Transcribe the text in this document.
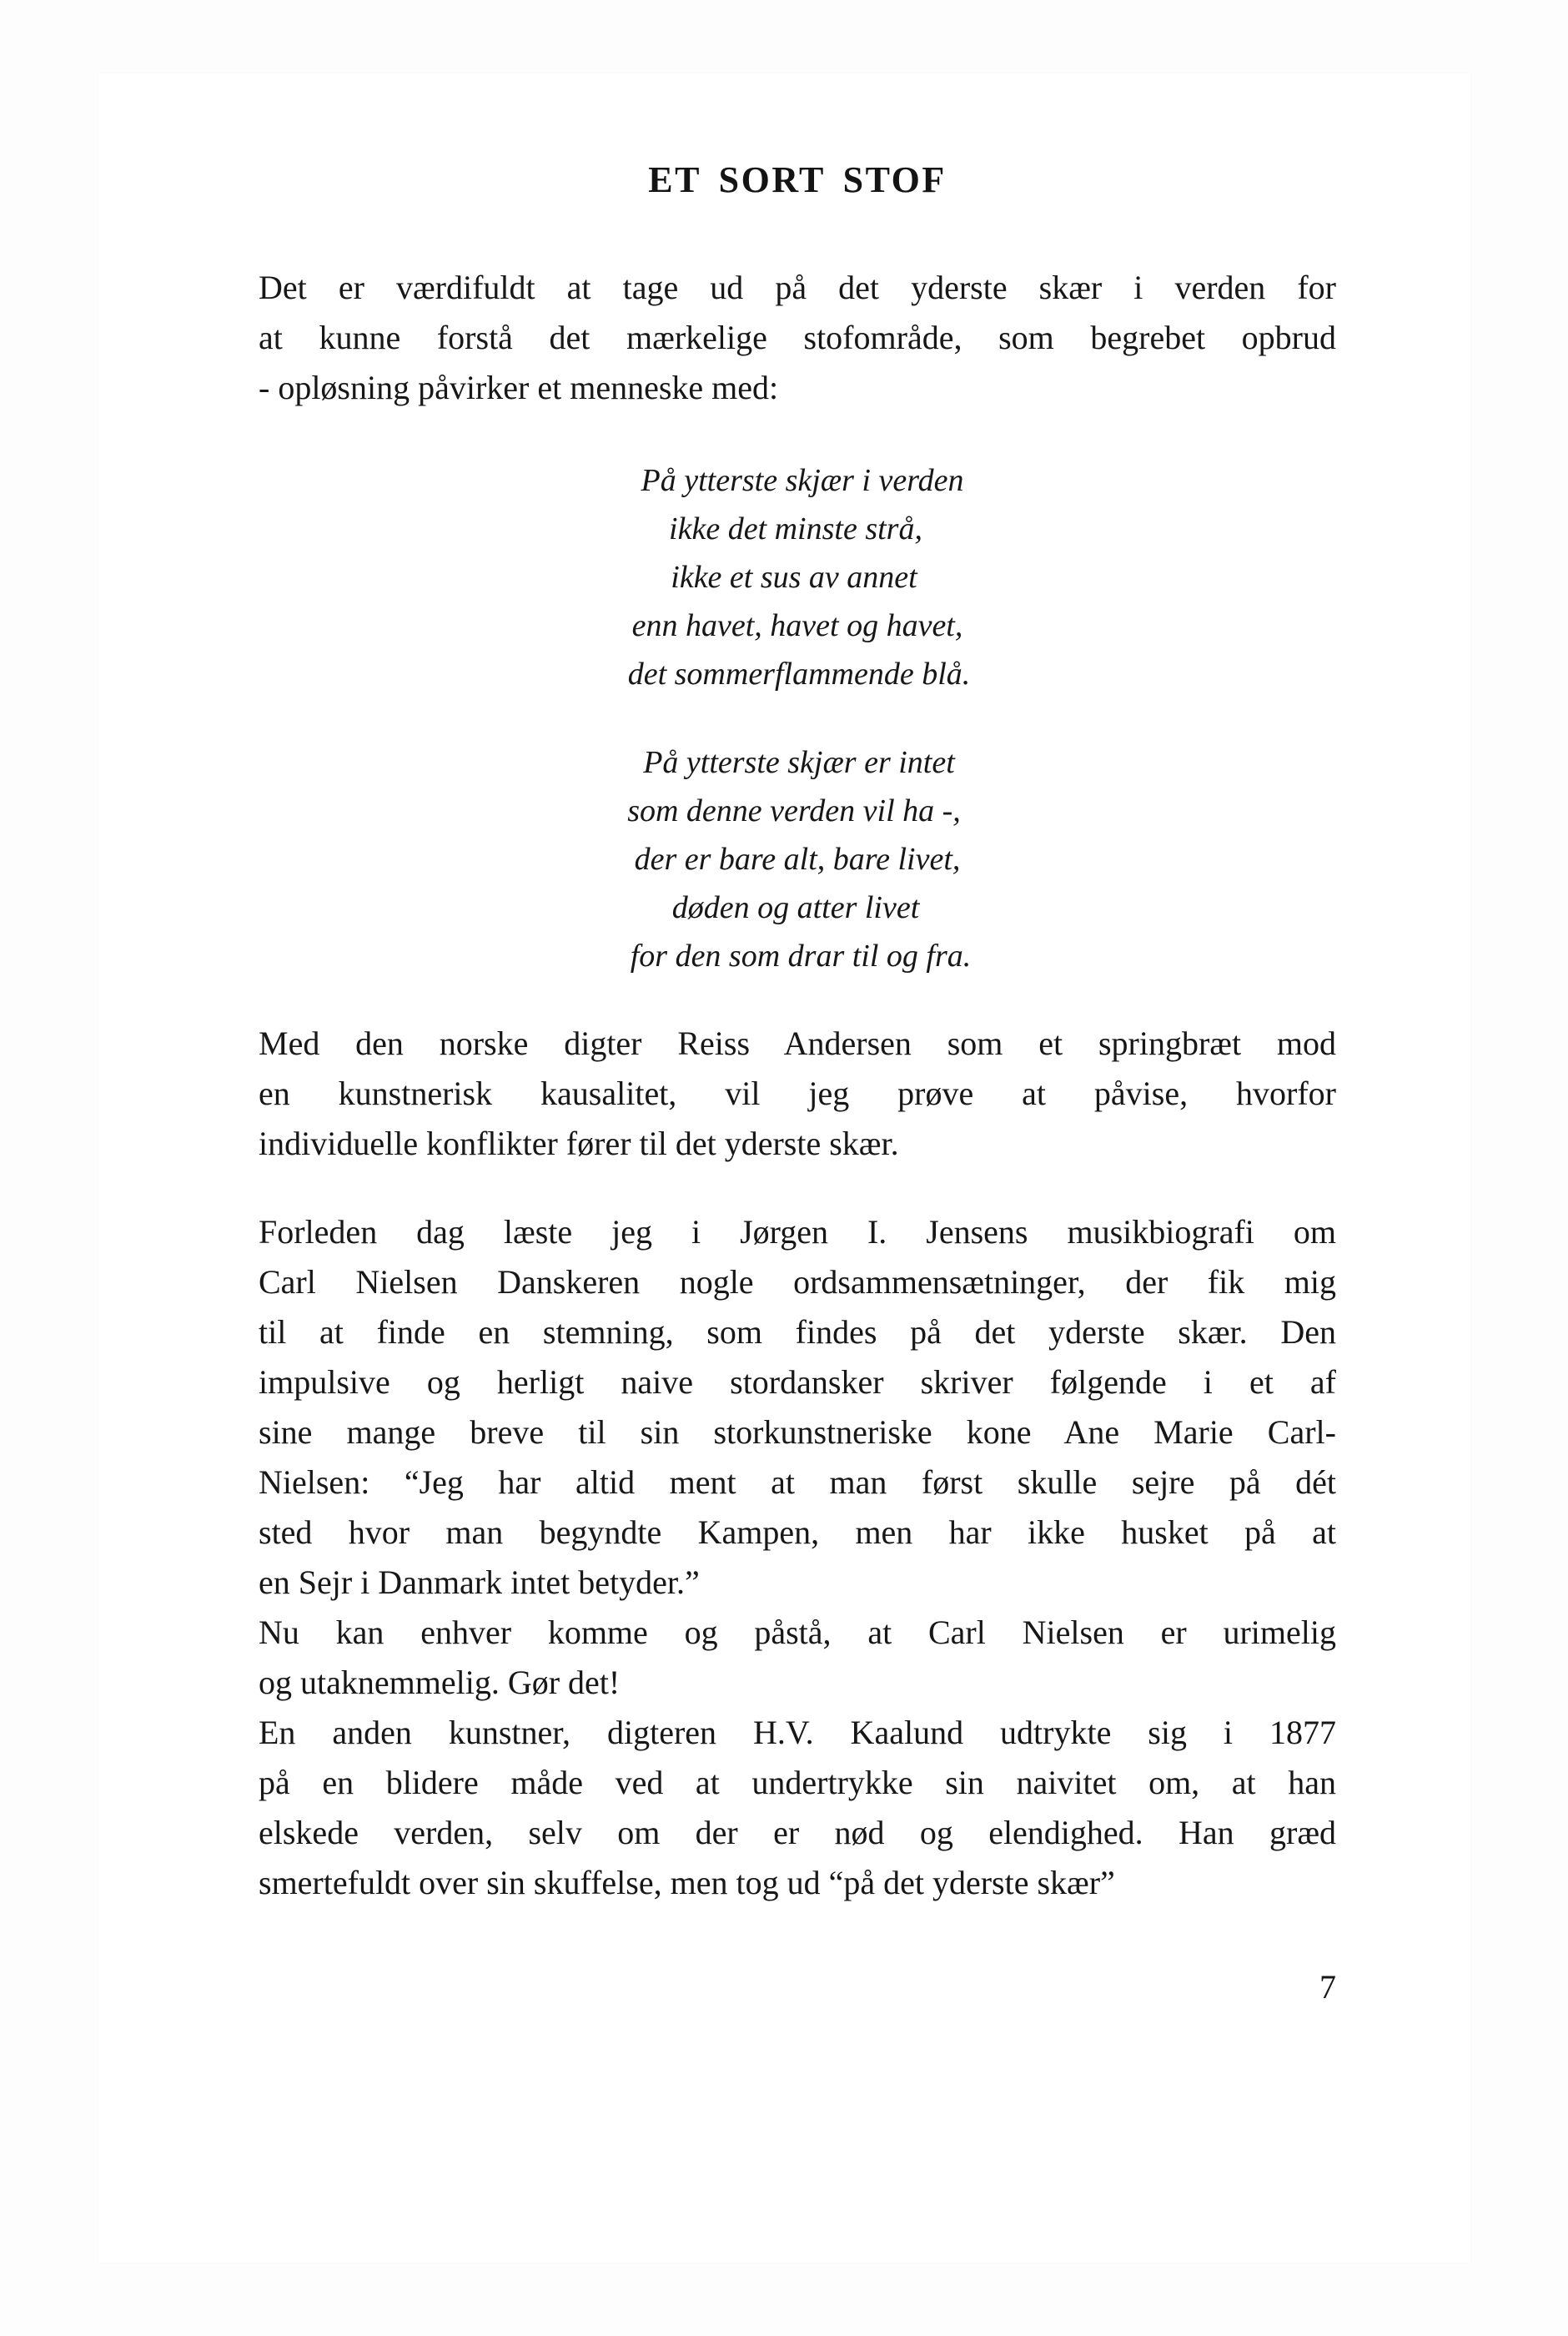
ET SORT STOF
Det er værdifuldt at tage ud på det yderste skær i verden for
at kunne forstå det mærkelige stofområde, som begrebet opbrud
- opløsning påvirker et menneske med:
På ytterste skjær i verden
ikke det minste strå,
ikke et sus av annet
enn havet, havet og havet,
det sommerflammende blå.
På ytterste skjær er intet
som denne verden vil ha -,
der er bare alt, bare livet,
døden og atter livet
for den som drar til og fra.
Med den norske digter Reiss Andersen som et springbræt mod
en kunstnerisk kausalitet, vil jeg prøve at påvise, hvorfor
individuelle konflikter fører til det yderste skær.
Forleden dag læste jeg i Jørgen I. Jensens musikbiografi om
Carl Nielsen Danskeren nogle ordsammensætninger, der fik mig
til at finde en stemning, som findes på det yderste skær. Den
impulsive og herligt naive stordansker skriver følgende i et af
sine mange breve til sin storkunstneriske kone Ane Marie Carl-
Nielsen: “Jeg har altid ment at man først skulle sejre på dét
sted hvor man begyndte Kampen, men har ikke husket på at
en Sejr i Danmark intet betyder.”
Nu kan enhver komme og påstå, at Carl Nielsen er urimelig
og utaknemmelig. Gør det!
En anden kunstner, digteren H.V. Kaalund udtrykte sig i 1877
på en blidere måde ved at undertrykke sin naivitet om, at han
elskede verden, selv om der er nød og elendighed. Han græd
smertefuldt over sin skuffelse, men tog ud “på det yderste skær”
7
